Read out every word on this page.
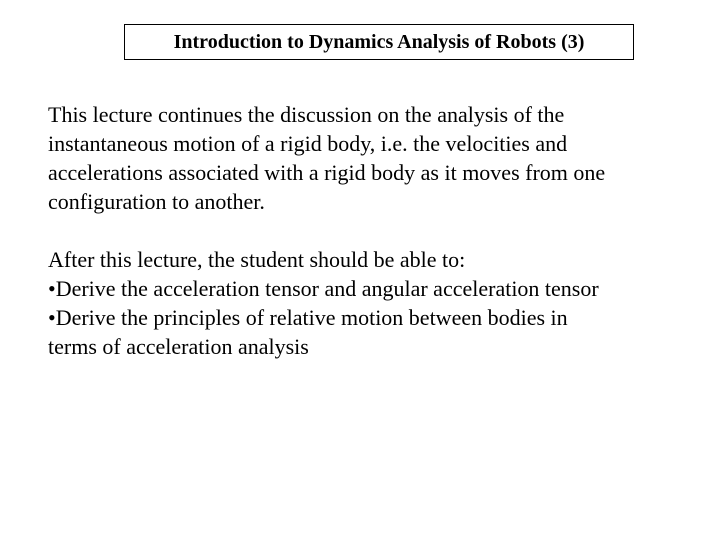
Introduction to Dynamics Analysis of Robots (3)
This lecture continues the discussion on the analysis of the
instantaneous motion of a rigid body, i.e. the velocities and
accelerations associated with a rigid body as it moves from one
configuration to another.
After this lecture, the student should be able to:
•Derive the acceleration tensor and angular acceleration tensor
•Derive the principles of relative motion between bodies in
terms of acceleration analysis
